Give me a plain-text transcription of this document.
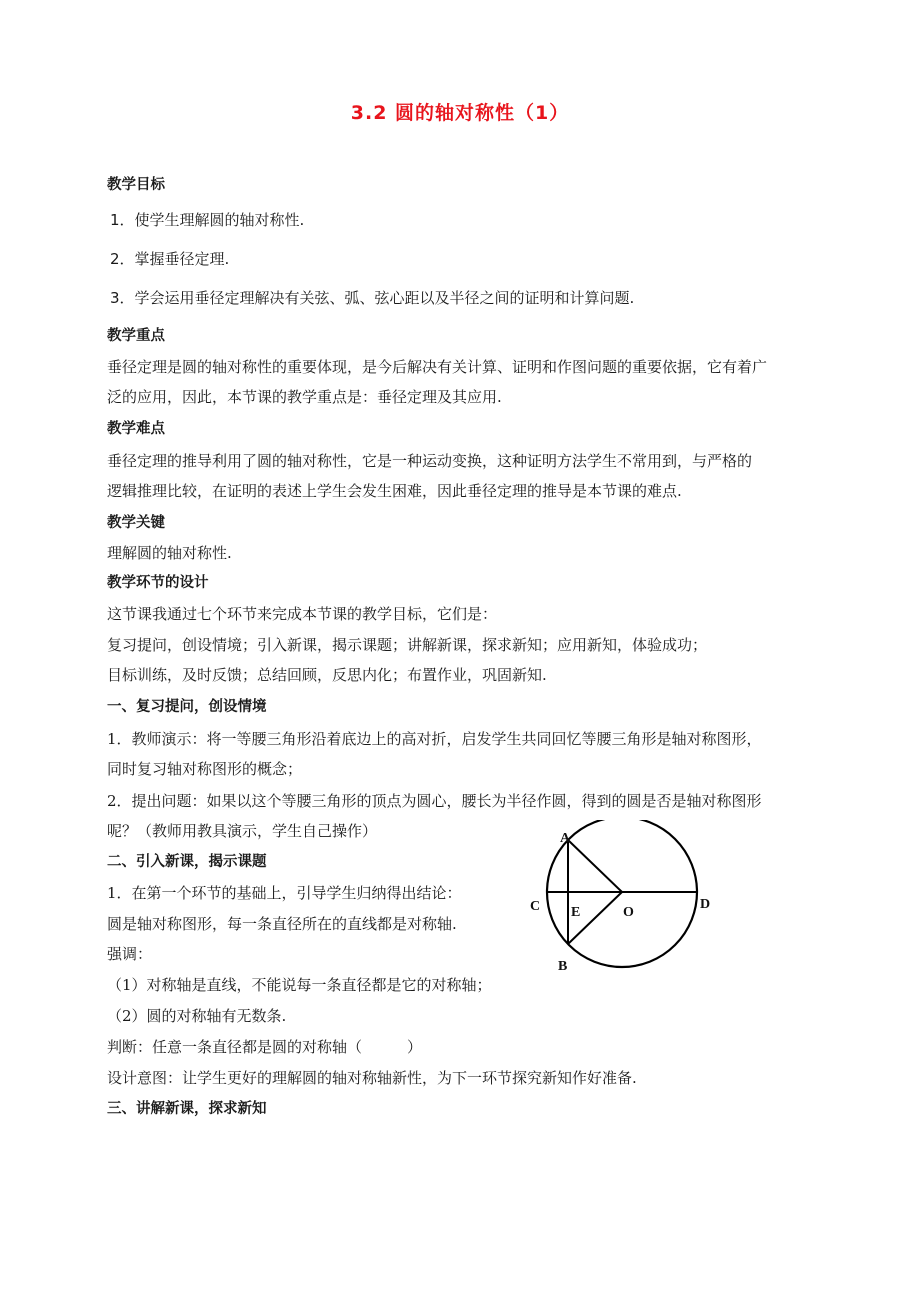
3.2 圆的轴对称性（1）
教学目标
1．使学生理解圆的轴对称性.
2．掌握垂径定理.
3．学会运用垂径定理解决有关弦、弧、弦心距以及半径之间的证明和计算问题.
教学重点
垂径定理是圆的轴对称性的重要体现，是今后解决有关计算、证明和作图问题的重要依据，它有着广
泛的应用，因此，本节课的教学重点是：垂径定理及其应用.
教学难点
垂径定理的推导利用了圆的轴对称性，它是一种运动变换，这种证明方法学生不常用到，与严格的
逻辑推理比较，在证明的表述上学生会发生困难，因此垂径定理的推导是本节课的难点.
教学关键
理解圆的轴对称性.
教学环节的设计
这节课我通过七个环节来完成本节课的教学目标，它们是：
复习提问，创设情境；引入新课，揭示课题；讲解新课，探求新知；应用新知，体验成功；
目标训练，及时反馈；总结回顾，反思内化；布置作业，巩固新知.
一、复习提问，创设情境
1．教师演示：将一等腰三角形沿着底边上的高对折，启发学生共同回忆等腰三角形是轴对称图形，
同时复习轴对称图形的概念；
2．提出问题：如果以这个等腰三角形的顶点为圆心，腰长为半径作圆，得到的圆是否是轴对称图形
呢？（教师用教具演示，学生自己操作）
二、引入新课，揭示课题
1．在第一个环节的基础上，引导学生归纳得出结论：
圆是轴对称图形，每一条直径所在的直线都是对称轴.
强调：
（1）对称轴是直线，不能说每一条直径都是它的对称轴；
（2）圆的对称轴有无数条.
判断：任意一条直径都是圆的对称轴（　　　）
设计意图：让学生更好的理解圆的轴对称轴新性，为下一环节探究新知作好准备.
三、讲解新课，探求新知
A
B
C	D
E	O
